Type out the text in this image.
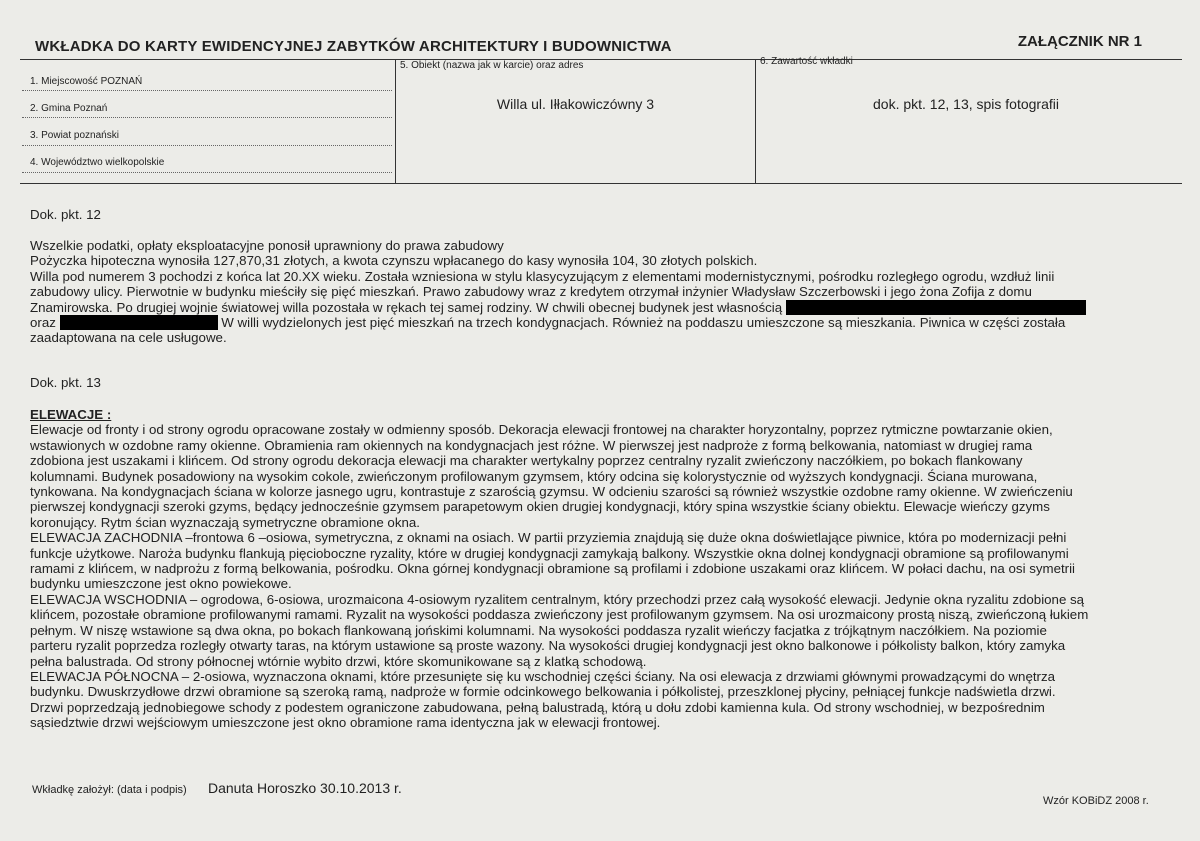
WKŁADKA DO KARTY EWIDENCYJNEJ ZABYTKÓW ARCHITEKTURY I BUDOWNICTWA	ZAŁĄCZNIK NR 1
1. Miejscowość POZNAŃ
2. Gmina Poznań
3. Powiat poznański
4. Województwo wielkopolskie
5. Obiekt (nazwa jak w karcie) oraz adres
Willa ul. Iłłakowiczówny 3
6. Zawartość wkładki
dok. pkt. 12, 13, spis fotografii
Dok. pkt. 12
Wszelkie podatki, opłaty eksploatacyjne ponosił uprawniony do prawa zabudowy
Pożyczka hipoteczna wynosiła 127,870,31 złotych, a kwota czynszu wpłacanego do kasy wynosiła 104, 30 złotych polskich.
Willa pod numerem 3 pochodzi z końca lat 20.XX wieku. Została wzniesiona w stylu klasycyzującym z elementami modernistycznymi, pośrodku rozległego ogrodu, wzdłuż linii
zabudowy ulicy. Pierwotnie w budynku mieściły się pięć mieszkań. Prawo zabudowy wraz z kredytem otrzymał inżynier Władysław Szczerbowski i jego żona Zofija z domu
Znamirowska. Po drugiej wojnie światowej willa pozostała w rękach tej samej rodziny. W chwili obecnej budynek jest własnością
oraz	W willi wydzielonych jest pięć mieszkań na trzech kondygnacjach. Również na poddaszu umieszczone są mieszkania. Piwnica w części została
zaadaptowana na cele usługowe.
Dok. pkt. 13
ELEWACJE :
Elewacje od fronty i od strony ogrodu opracowane zostały w odmienny sposób. Dekoracja elewacji frontowej na charakter horyzontalny, poprzez rytmiczne powtarzanie okien,
wstawionych w ozdobne ramy okienne. Obramienia ram okiennych na kondygnacjach jest różne. W pierwszej jest nadproże z formą belkowania, natomiast w drugiej rama
zdobiona jest uszakami i klińcem. Od strony ogrodu dekoracja elewacji ma charakter wertykalny poprzez centralny ryzalit zwieńczony naczółkiem, po bokach flankowany
kolumnami. Budynek posadowiony na wysokim cokole, zwieńczonym profilowanym gzymsem, który odcina się kolorystycznie od wyższych kondygnacji. Ściana murowana,
tynkowana. Na kondygnacjach ściana w kolorze jasnego ugru, kontrastuje z szarością gzymsu. W odcieniu szarości są również wszystkie ozdobne ramy okienne. W zwieńczeniu
pierwszej kondygnacji szeroki gzyms, będący jednocześnie gzymsem parapetowym okien drugiej kondygnacji, który spina wszystkie ściany obiektu. Elewacje wieńczy gzyms
koronujący. Rytm ścian wyznaczają symetryczne obramione okna.
ELEWACJA ZACHODNIA –frontowa 6 –osiowa, symetryczna, z oknami na osiach. W partii przyziemia znajdują się duże okna doświetlające piwnice, która po modernizacji pełni
funkcje użytkowe. Naroża budynku flankują pięcioboczne ryzality, które w drugiej kondygnacji zamykają balkony. Wszystkie okna dolnej kondygnacji obramione są profilowanymi
ramami z klińcem, w nadprożu z formą belkowania, pośrodku. Okna górnej kondygnacji obramione są profilami i zdobione uszakami oraz klińcem. W połaci dachu, na osi symetrii
budynku umieszczone jest okno powiekowe.
ELEWACJA WSCHODNIA – ogrodowa, 6-osiowa, urozmaicona 4-osiowym ryzalitem centralnym, który przechodzi przez całą wysokość elewacji. Jedynie okna ryzalitu zdobione są
klińcem, pozostałe obramione profilowanymi ramami. Ryzalit na wysokości poddasza zwieńczony jest profilowanym gzymsem. Na osi urozmaicony prostą niszą, zwieńczoną łukiem
pełnym. W niszę wstawione są dwa okna, po bokach flankowaną jońskimi kolumnami. Na wysokości poddasza ryzalit wieńczy facjatka z trójkątnym naczółkiem. Na poziomie
parteru ryzalit poprzedza rozległy otwarty taras, na którym ustawione są proste wazony. Na wysokości drugiej kondygnacji jest okno balkonowe i półkolisty balkon, który zamyka
pełna balustrada. Od strony północnej wtórnie wybito drzwi, które skomunikowane są z klatką schodową.
ELEWACJA PÓŁNOCNA – 2-osiowa, wyznaczona oknami, które przesunięte się ku wschodniej części ściany. Na osi elewacja z drzwiami głównymi prowadzącymi do wnętrza
budynku. Dwuskrzydłowe drzwi obramione są szeroką ramą, nadproże w formie odcinkowego belkowania i półkolistej, przeszklonej płyciny, pełniącej funkcje nadświetla drzwi.
Drzwi poprzedzają jednobiegowe schody z podestem ograniczone zabudowana, pełną balustradą, którą u dołu zdobi kamienna kula. Od strony wschodniej, w bezpośrednim
sąsiedztwie drzwi wejściowym umieszczone jest okno obramione rama identyczna jak w elewacji frontowej.
Wkładkę założył: (data i podpis) Danuta Horoszko 30.10.2013 r.
Wzór KOBiDZ 2008 r.
